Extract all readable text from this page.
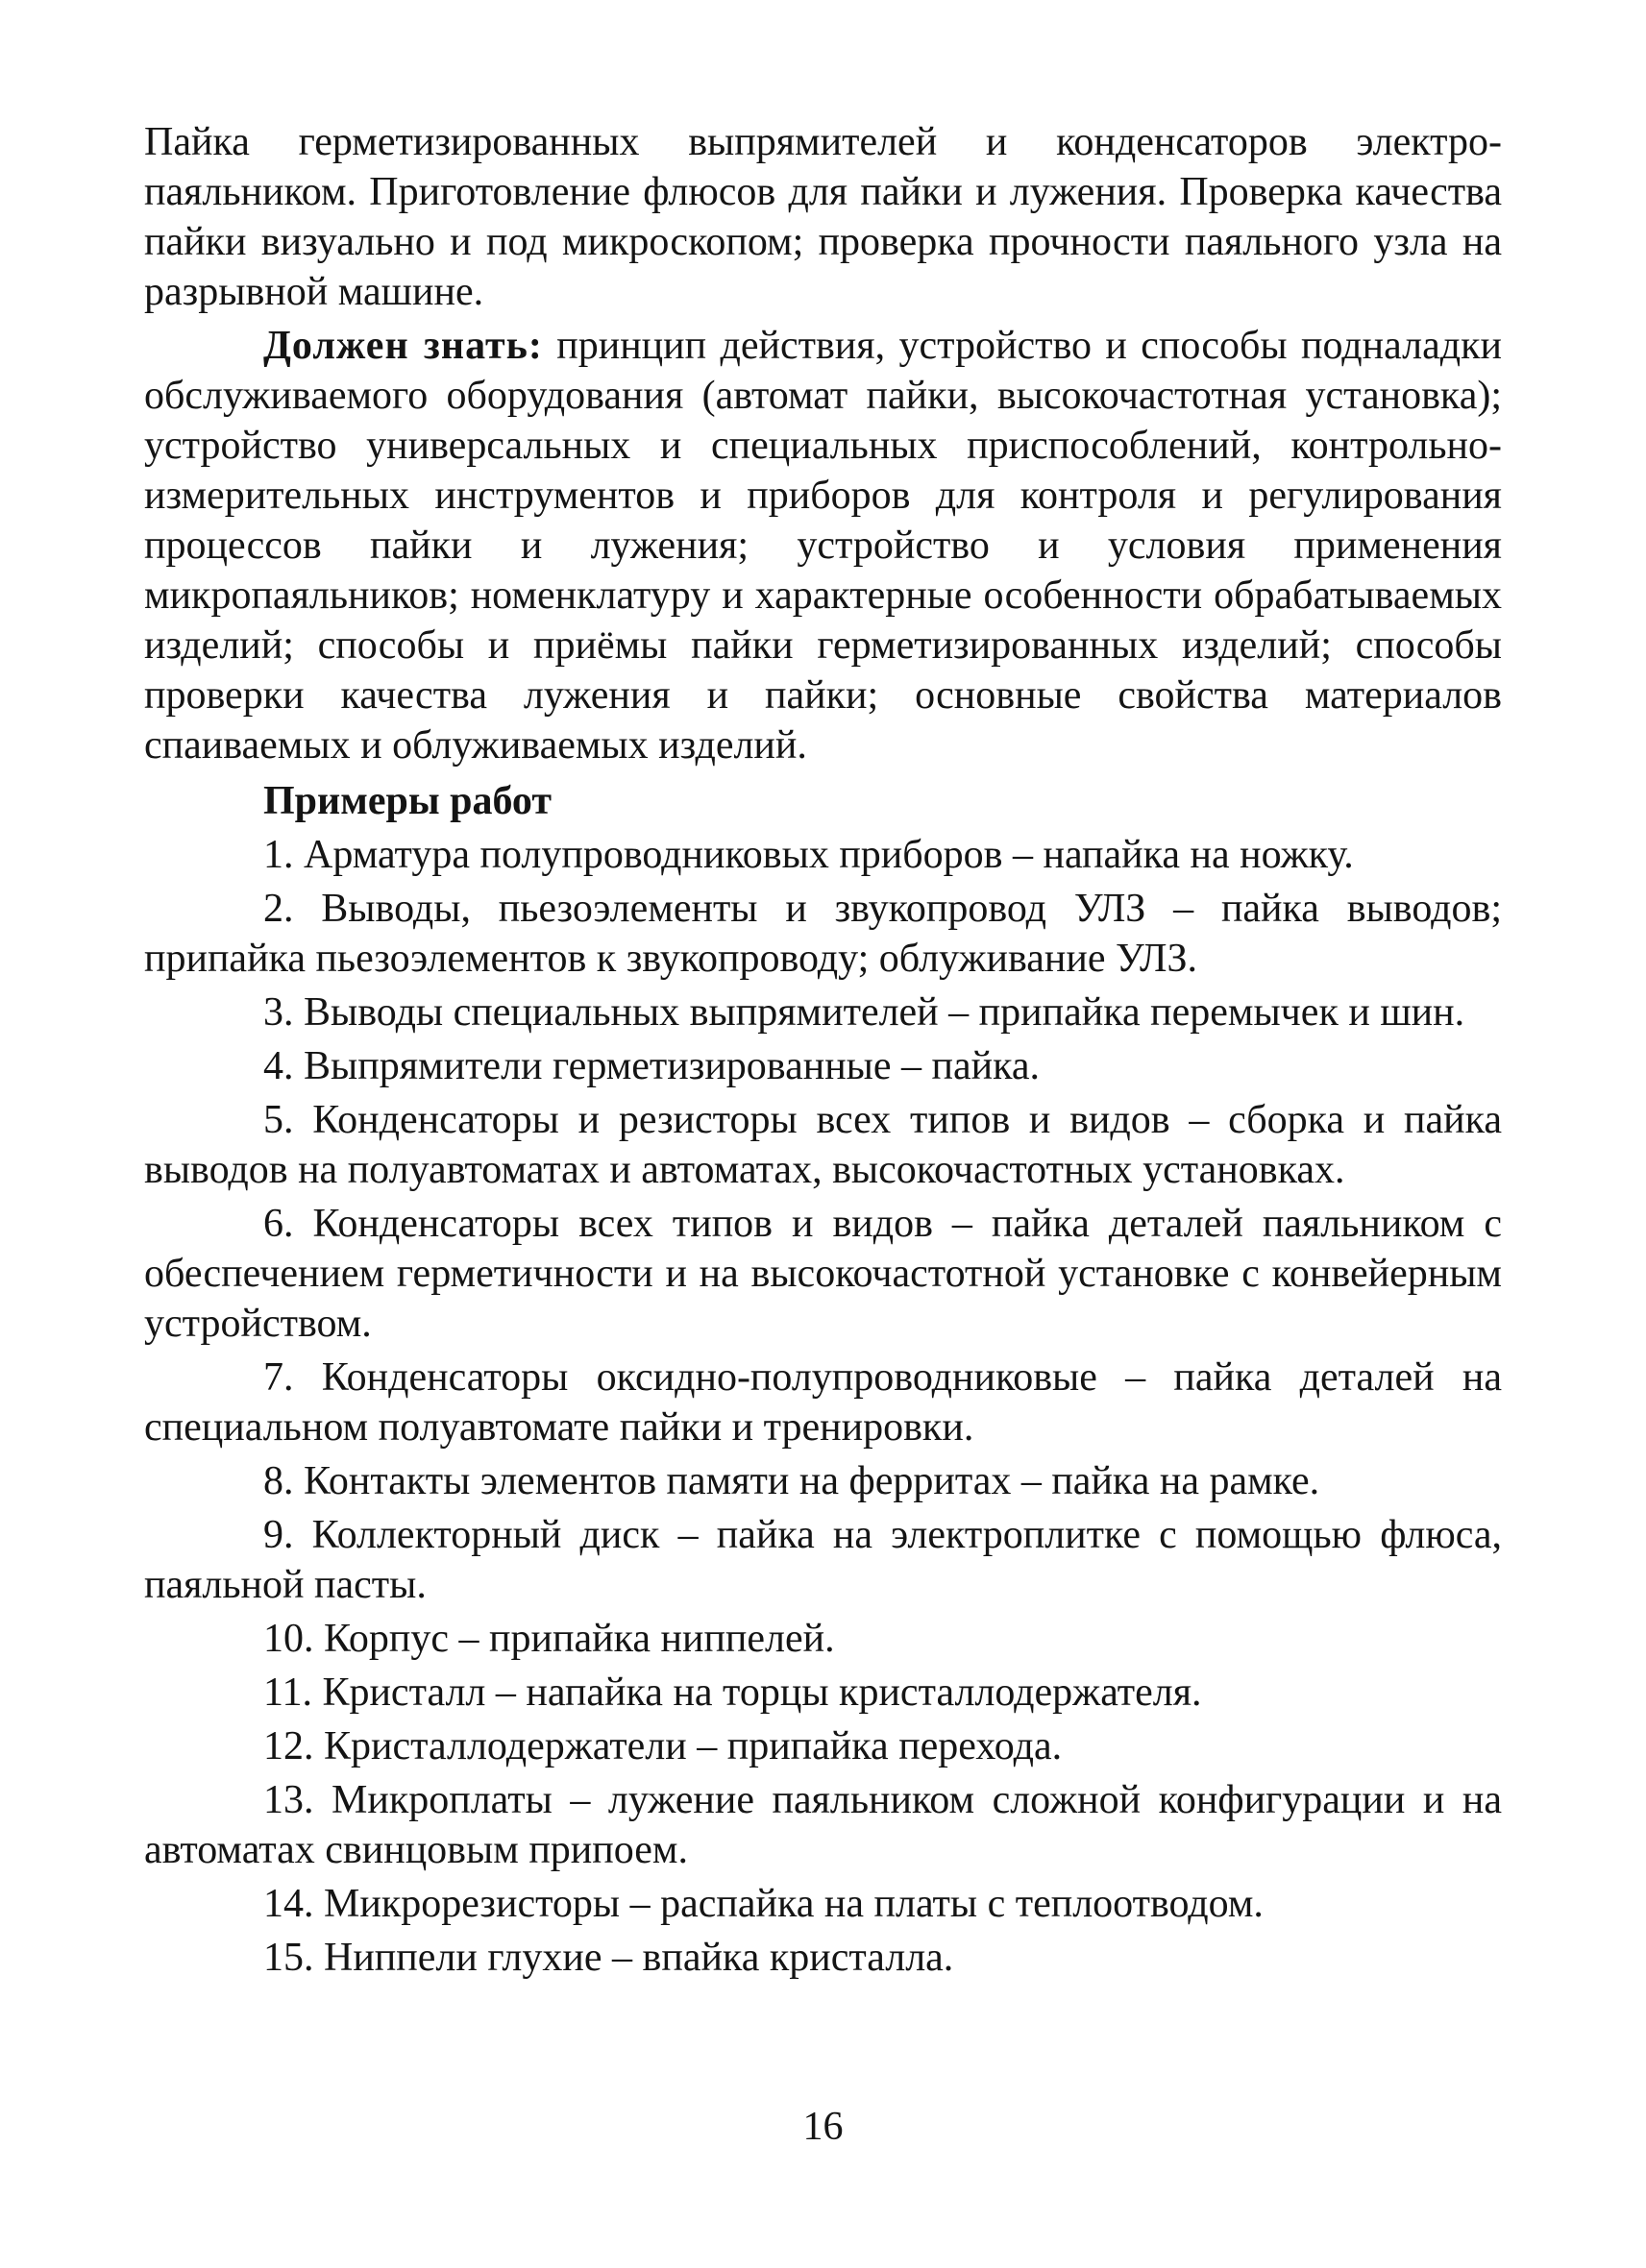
Пайка герметизированных выпрямителей и конденсаторов электропаяльником. Приготовление флюсов для пайки и лужения. Проверка качества пайки визуально и под микроскопом; проверка прочности паяльного узла на разрывной машине.

Должен знать: принцип действия, устройство и способы подналадки обслуживаемого оборудования (автомат пайки, высокочастотная установка); устройство универсальных и специальных приспособлений, контрольно-измерительных инструментов и приборов для контроля и регулирования процессов пайки и лужения; устройство и условия применения микропаяльников; номенклатуру и характерные особенности обрабатываемых изделий; способы и приёмы пайки герметизированных изделий; способы проверки качества лужения и пайки; основные свойства материалов спаиваемых и облуживаемых изделий.

Примеры работ

1. Арматура полупроводниковых приборов – напайка на ножку.

2. Выводы, пьезоэлементы и звукопровод УЛЗ – пайка выводов; припайка пьезоэлементов к звукопроводу; облуживание УЛЗ.

3. Выводы специальных выпрямителей – припайка перемычек и шин.

4. Выпрямители герметизированные – пайка.

5. Конденсаторы и резисторы всех типов и видов – сборка и пайка выводов на полуавтоматах и автоматах, высокочастотных установках.

6. Конденсаторы всех типов и видов – пайка деталей паяльником с обеспечением герметичности и на высокочастотной установке с конвейерным устройством.

7. Конденсаторы оксидно-полупроводниковые – пайка деталей на специальном полуавтомате пайки и тренировки.

8. Контакты элементов памяти на ферритах – пайка на рамке.

9. Коллекторный диск – пайка на электроплитке с помощью флюса, паяльной пасты.

10. Корпус – припайка ниппелей.

11. Кристалл – напайка на торцы кристаллодержателя.

12. Кристаллодержатели – припайка перехода.

13. Микроплаты – лужение паяльником сложной конфигурации и на автоматах свинцовым припоем.

14. Микрорезисторы – распайка на платы с теплоотводом.

15. Ниппели глухие – впайка кристалла.

16
